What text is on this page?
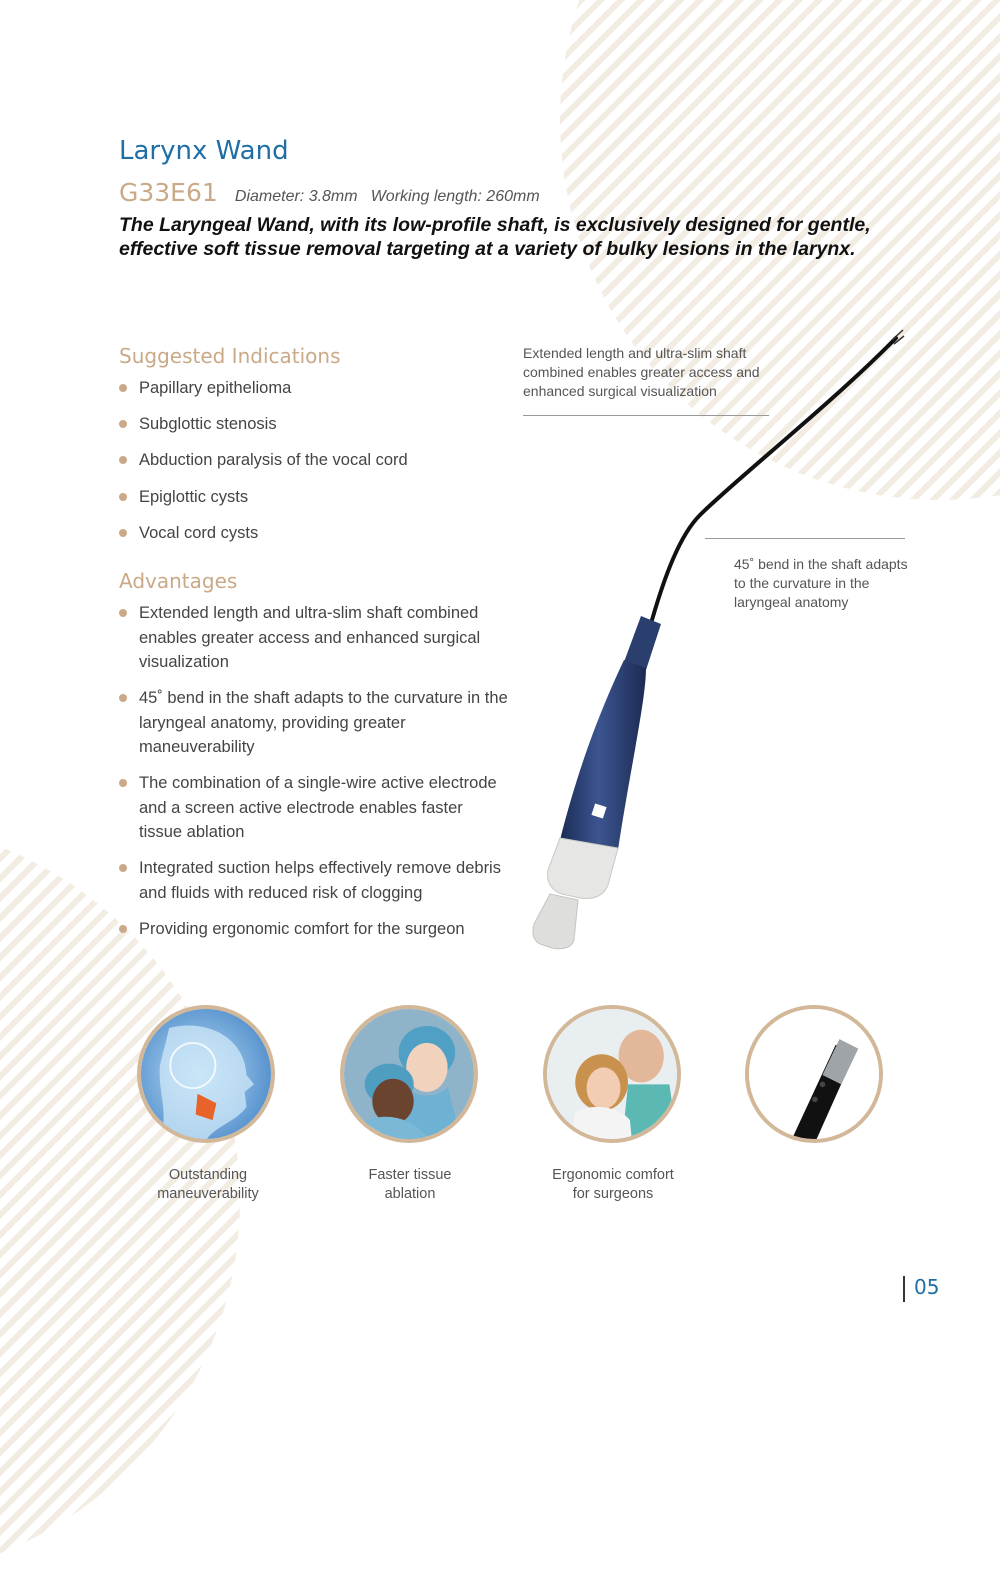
Larynx Wand
G33E61 Diameter: 3.8mm Working length: 260mm

The Laryngeal Wand, with its low-profile shaft, is exclusively designed for gentle, effective soft tissue removal targeting at a variety of bulky lesions in the larynx.

Suggested Indications
Papillary epithelioma
Subglottic stenosis
Abduction paralysis of the vocal cord
Epiglottic cysts
Vocal cord cysts
Advantages
Extended length and ultra-slim shaft combined enables greater access and enhanced surgical visualization
45˚ bend in the shaft adapts to the curvature in the laryngeal anatomy, providing greater maneuverability
The combination of a single-wire active electrode and a screen active electrode enables faster tissue ablation
Integrated suction helps effectively remove debris and fluids with reduced risk of clogging
Providing ergonomic comfort for the surgeon

Extended length and ultra-slim shaft combined enables greater access and enhanced surgical visualization

45˚ bend in the shaft adapts to the curvature in the laryngeal anatomy

Outstanding
maneuverability

Faster tissue
ablation

Ergonomic comfort
for surgeons

05
